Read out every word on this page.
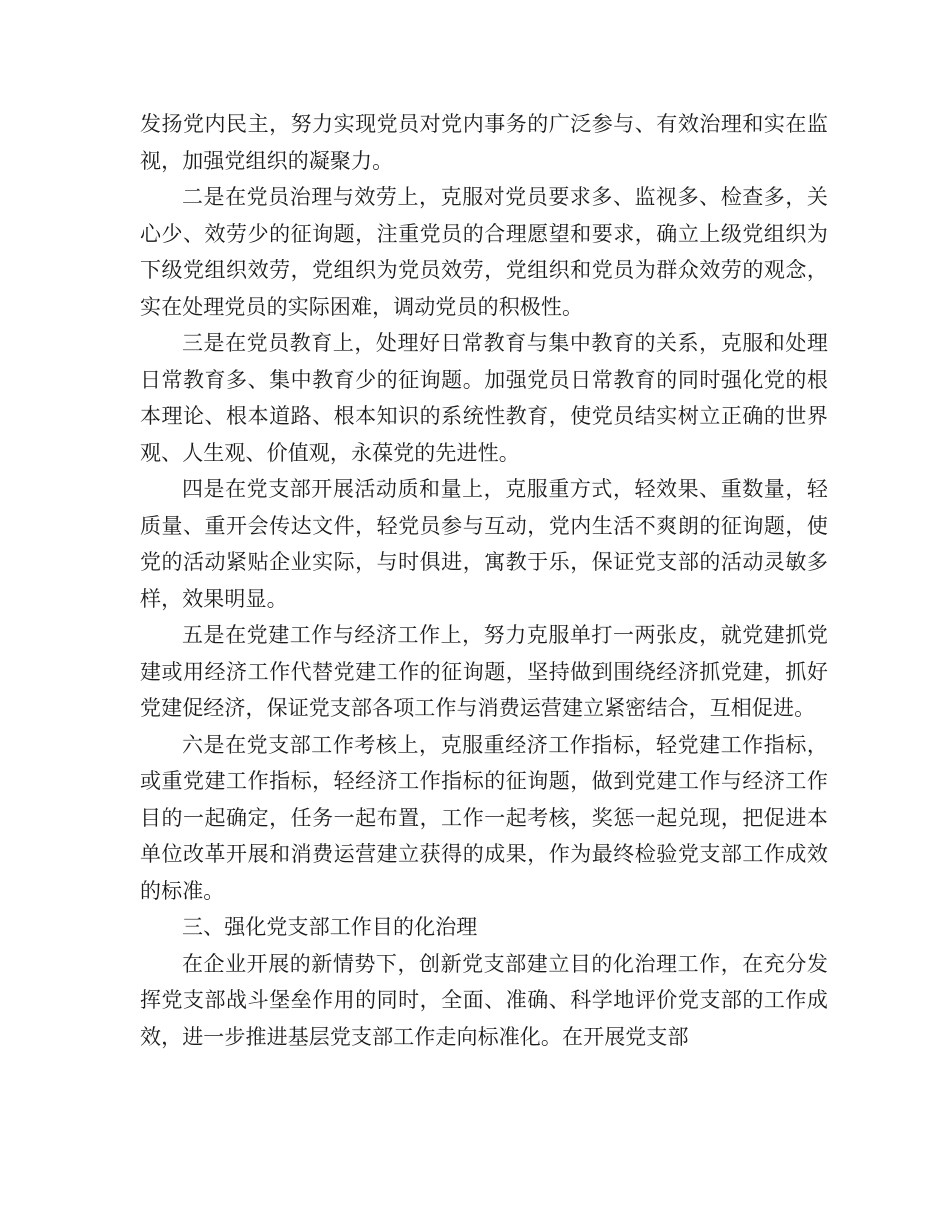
发扬党内民主，努力实现党员对党内事务的广泛参与、有效治理和实在监视，加强党组织的凝聚力。

二是在党员治理与效劳上，克服对党员要求多、监视多、检查多，关心少、效劳少的征询题，注重党员的合理愿望和要求，确立上级党组织为下级党组织效劳，党组织为党员效劳，党组织和党员为群众效劳的观念，实在处理党员的实际困难，调动党员的积极性。

三是在党员教育上，处理好日常教育与集中教育的关系，克服和处理日常教育多、集中教育少的征询题。加强党员日常教育的同时强化党的根本理论、根本道路、根本知识的系统性教育，使党员结实树立正确的世界观、人生观、价值观，永葆党的先进性。

四是在党支部开展活动质和量上，克服重方式，轻效果、重数量，轻质量、重开会传达文件，轻党员参与互动，党内生活不爽朗的征询题，使党的活动紧贴企业实际，与时俱进，寓教于乐，保证党支部的活动灵敏多样，效果明显。

五是在党建工作与经济工作上，努力克服单打一两张皮，就党建抓党建或用经济工作代替党建工作的征询题，坚持做到围绕经济抓党建，抓好党建促经济，保证党支部各项工作与消费运营建立紧密结合，互相促进。

六是在党支部工作考核上，克服重经济工作指标，轻党建工作指标，或重党建工作指标，轻经济工作指标的征询题，做到党建工作与经济工作目的一起确定，任务一起布置，工作一起考核，奖惩一起兑现，把促进本单位改革开展和消费运营建立获得的成果，作为最终检验党支部工作成效的标准。

三、强化党支部工作目的化治理

在企业开展的新情势下，创新党支部建立目的化治理工作，在充分发挥党支部战斗堡垒作用的同时，全面、准确、科学地评价党支部的工作成效，进一步推进基层党支部工作走向标准化。在开展党支部
